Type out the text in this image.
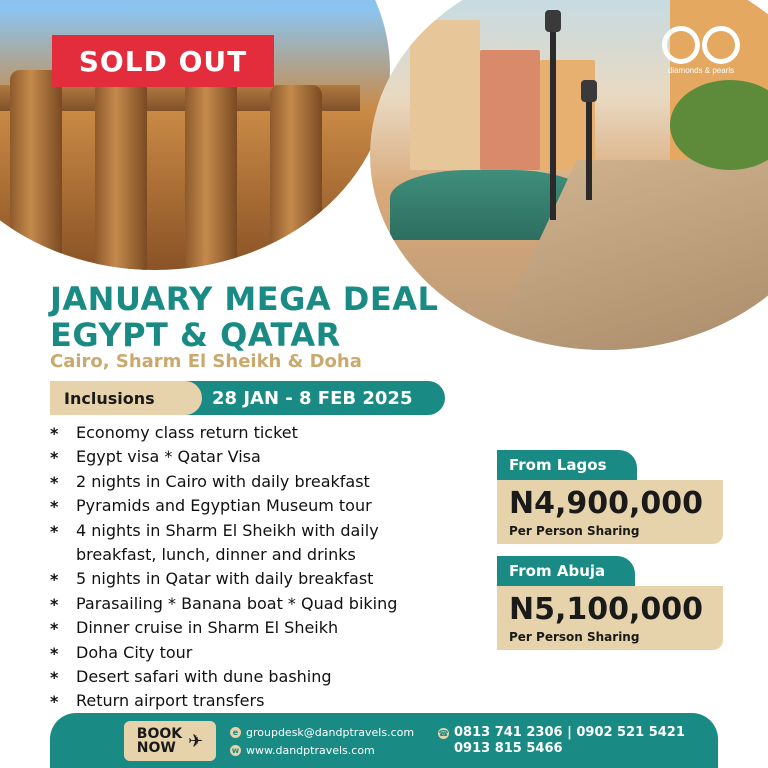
diamonds & pearls
SOLD OUT
JANUARY MEGA DEAL
EGYPT & QATAR
Cairo, Sharm El Sheikh & Doha
Inclusions	28 JAN - 8 FEB 2025
* Economy class return ticket
* Egypt visa * Qatar Visa
* 2 nights in Cairo with daily breakfast
* Pyramids and Egyptian Museum tour
* 4 nights in Sharm El Sheikh with daily
breakfast, lunch, dinner and drinks
* 5 nights in Qatar with daily breakfast
* Parasailing * Banana boat * Quad biking
* Dinner cruise in Sharm El Sheikh
* Doha City tour
* Desert safari with dune bashing
* Return airport transfers
From Lagos
N4,900,000
Per Person Sharing
From Abuja
N5,100,000
Per Person Sharing
BOOK
NOW ✈	e groupdesk@dandptravels.com
w www.dandptravels.com
☎ 0813 741 2306 | 0902 521 5421
0913 815 5466
